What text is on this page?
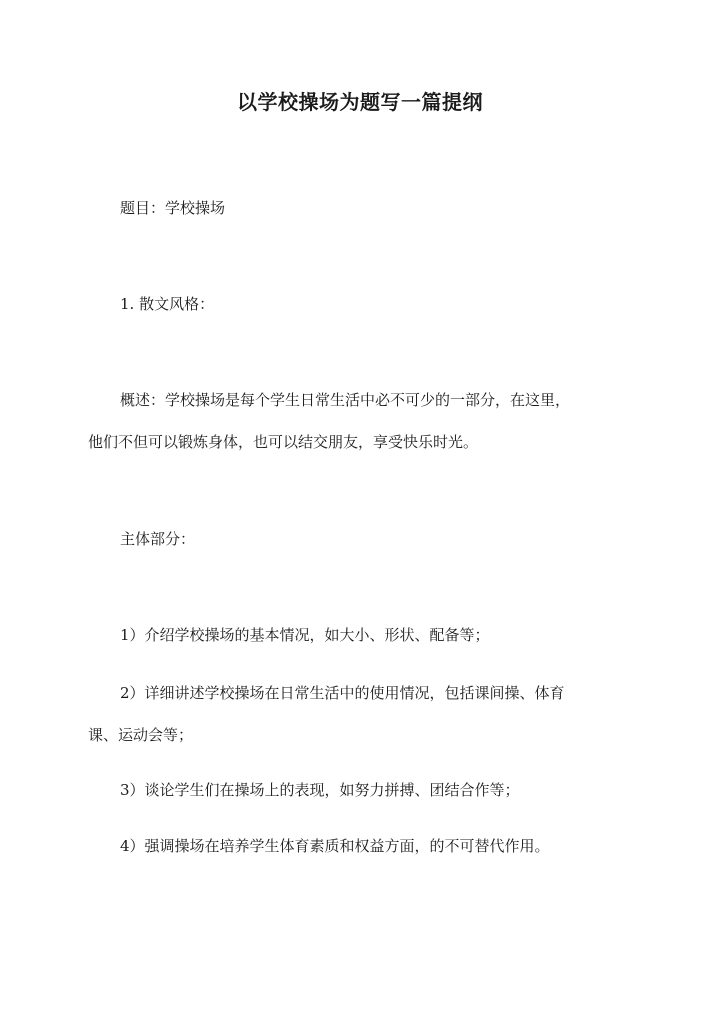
以学校操场为题写一篇提纲
题目：学校操场
1. 散文风格：
概述：学校操场是每个学生日常生活中必不可少的一部分，在这里，
他们不但可以锻炼身体，也可以结交朋友，享受快乐时光。
主体部分：
1）介绍学校操场的基本情况，如大小、形状、配备等；
2）详细讲述学校操场在日常生活中的使用情况，包括课间操、体育
课、运动会等；
3）谈论学生们在操场上的表现，如努力拼搏、团结合作等；
4）强调操场在培养学生体育素质和权益方面，的不可替代作用。
